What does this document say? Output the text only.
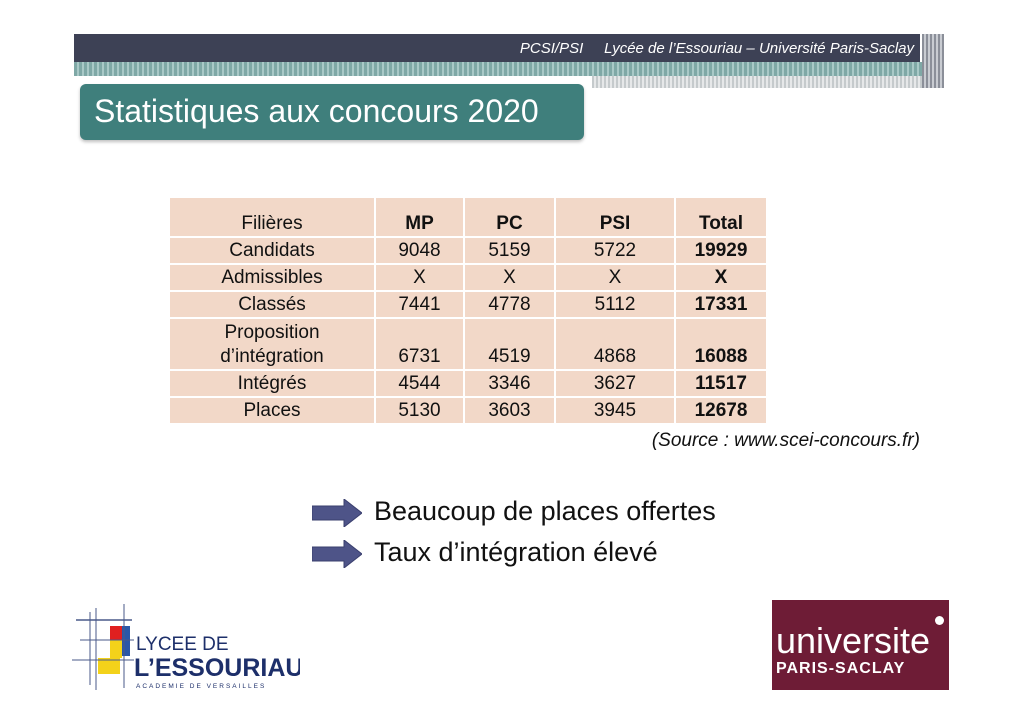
PCSI/PSI Lycée de l’Essouriau – Université Paris-Saclay
Statistiques aux concours 2020
Filières	MP	PC	PSI	Total
Candidats	9048	5159	5722	19929
Admissibles	X	X	X	X
Classés	7441	4778	5112	17331

Proposition
d’intégration	6731	4519	4868	16088
Intégrés	4544	3346	3627	11517
Places	5130	3603	3945	12678
(Source : www.scei-concours.fr)
Beaucoup de places offertes
Taux d’intégration élevé
LYCEE DE
L’ESSOURIAU
ACADEMIE DE VERSAILLES
universite
PARIS-SACLAY
